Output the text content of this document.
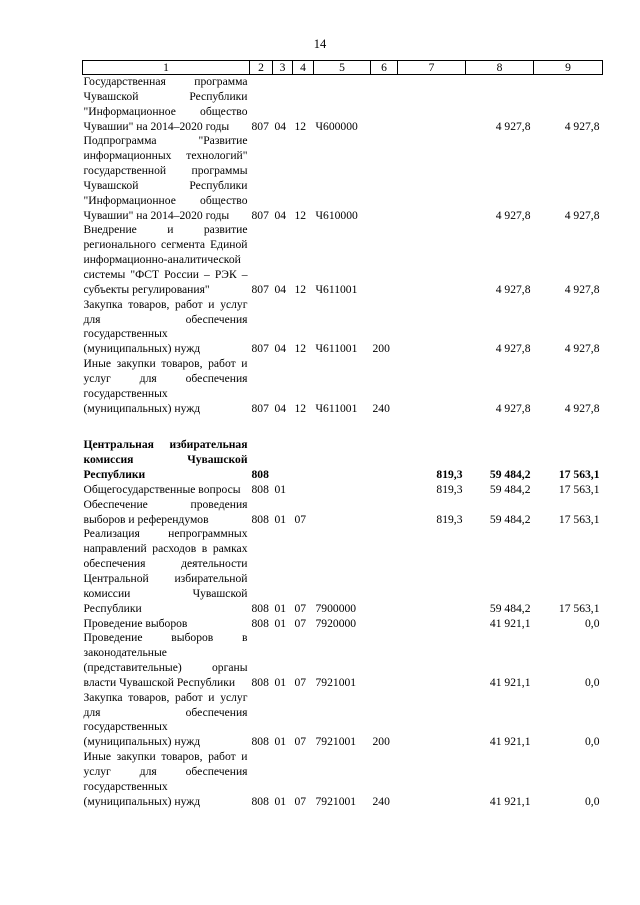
14
1	2	3	4	5	6	7	8	9
Государственная программа Чувашской Республики "Информационное общество Чувашии" на 2014–2020 годы	807	04	12	Ч600000			4 927,8	4 927,8
Подпрограмма "Развитие информационных технологий" государственной программы Чувашской Республики "Информационное общество Чувашии" на 2014–2020 годы	807	04	12	Ч610000			4 927,8	4 927,8
Внедрение и развитие регионального сегмента Единой информационно-аналитической системы "ФСТ России – РЭК – субъекты регулирования"	807	04	12	Ч611001			4 927,8	4 927,8
Закупка товаров, работ и услуг для обеспечения государственных (муниципальных) нужд	807	04	12	Ч611001	200		4 927,8	4 927,8
Иные закупки товаров, работ и услуг для обеспечения государственных (муниципальных) нужд	807	04	12	Ч611001	240		4 927,8	4 927,8

Центральная избирательная комиссия Чувашской Республики	808					819,3	59 484,2	17 563,1
Общегосударственные вопросы	808	01				819,3	59 484,2	17 563,1
Обеспечение проведения выборов и референдумов	808	01	07			819,3	59 484,2	17 563,1
Реализация непрограммных направлений расходов в рамках обеспечения деятельности Центральной избирательной комиссии Чувашской Республики	808	01	07	7900000			59 484,2	17 563,1
Проведение выборов	808	01	07	7920000			41 921,1	0,0
Проведение выборов в законодательные (представительные) органы власти Чувашской Республики	808	01	07	7921001			41 921,1	0,0
Закупка товаров, работ и услуг для обеспечения государственных (муниципальных) нужд	808	01	07	7921001	200		41 921,1	0,0
Иные закупки товаров, работ и услуг для обеспечения государственных (муниципальных) нужд	808	01	07	7921001	240		41 921,1	0,0
